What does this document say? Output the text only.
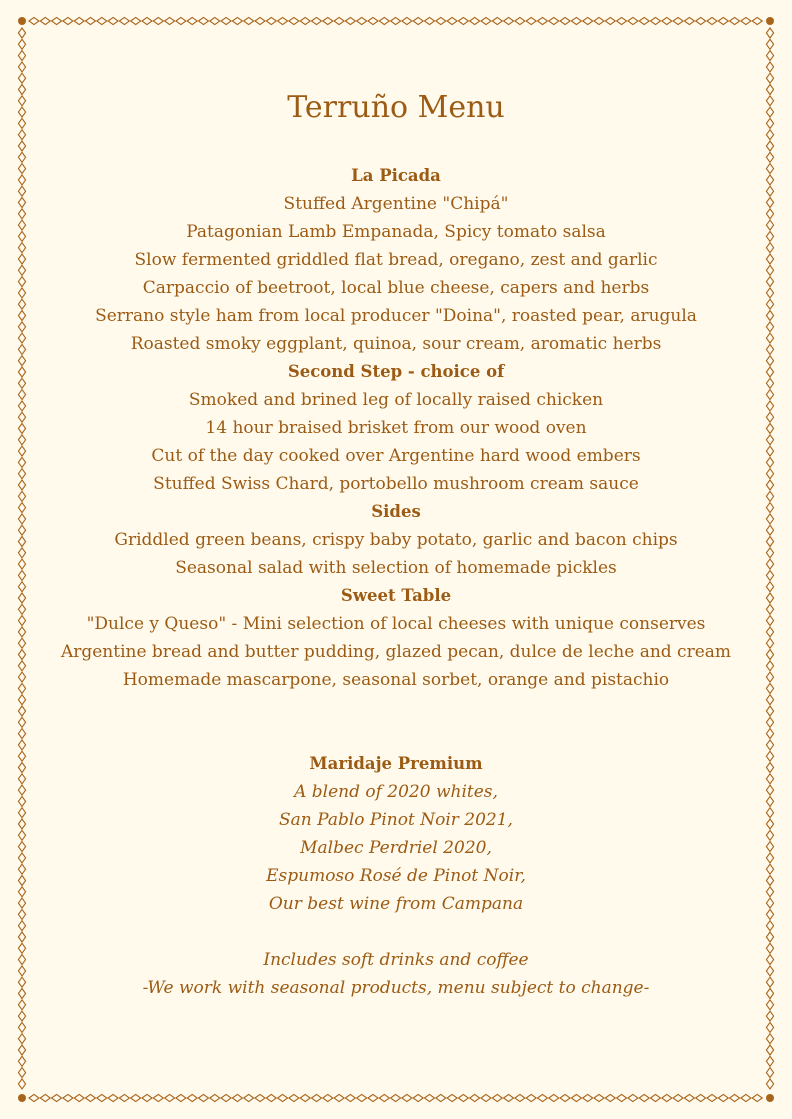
Terruño Menu
La Picada
Stuffed Argentine "Chipá"
Patagonian Lamb Empanada, Spicy tomato salsa
Slow fermented griddled flat bread, oregano, zest and garlic
Carpaccio of beetroot, local blue cheese, capers and herbs
Serrano style ham from local producer "Doina", roasted pear, arugula
Roasted smoky eggplant, quinoa, sour cream, aromatic herbs
Second Step - choice of
Smoked and brined leg of locally raised chicken
14 hour braised brisket from our wood oven
Cut of the day cooked over Argentine hard wood embers
Stuffed Swiss Chard, portobello mushroom cream sauce
Sides
Griddled green beans, crispy baby potato, garlic and bacon chips
Seasonal salad with selection of homemade pickles
Sweet Table
"Dulce y Queso" - Mini selection of local cheeses with unique conserves
Argentine bread and butter pudding, glazed pecan, dulce de leche and cream
Homemade mascarpone, seasonal sorbet, orange and pistachio
Maridaje Premium
A blend of 2020 whites,
San Pablo Pinot Noir 2021,
Malbec Perdriel 2020,
Espumoso Rosé de Pinot Noir,
Our best wine from Campana
Includes soft drinks and coffee
-We work with seasonal products, menu subject to change-
